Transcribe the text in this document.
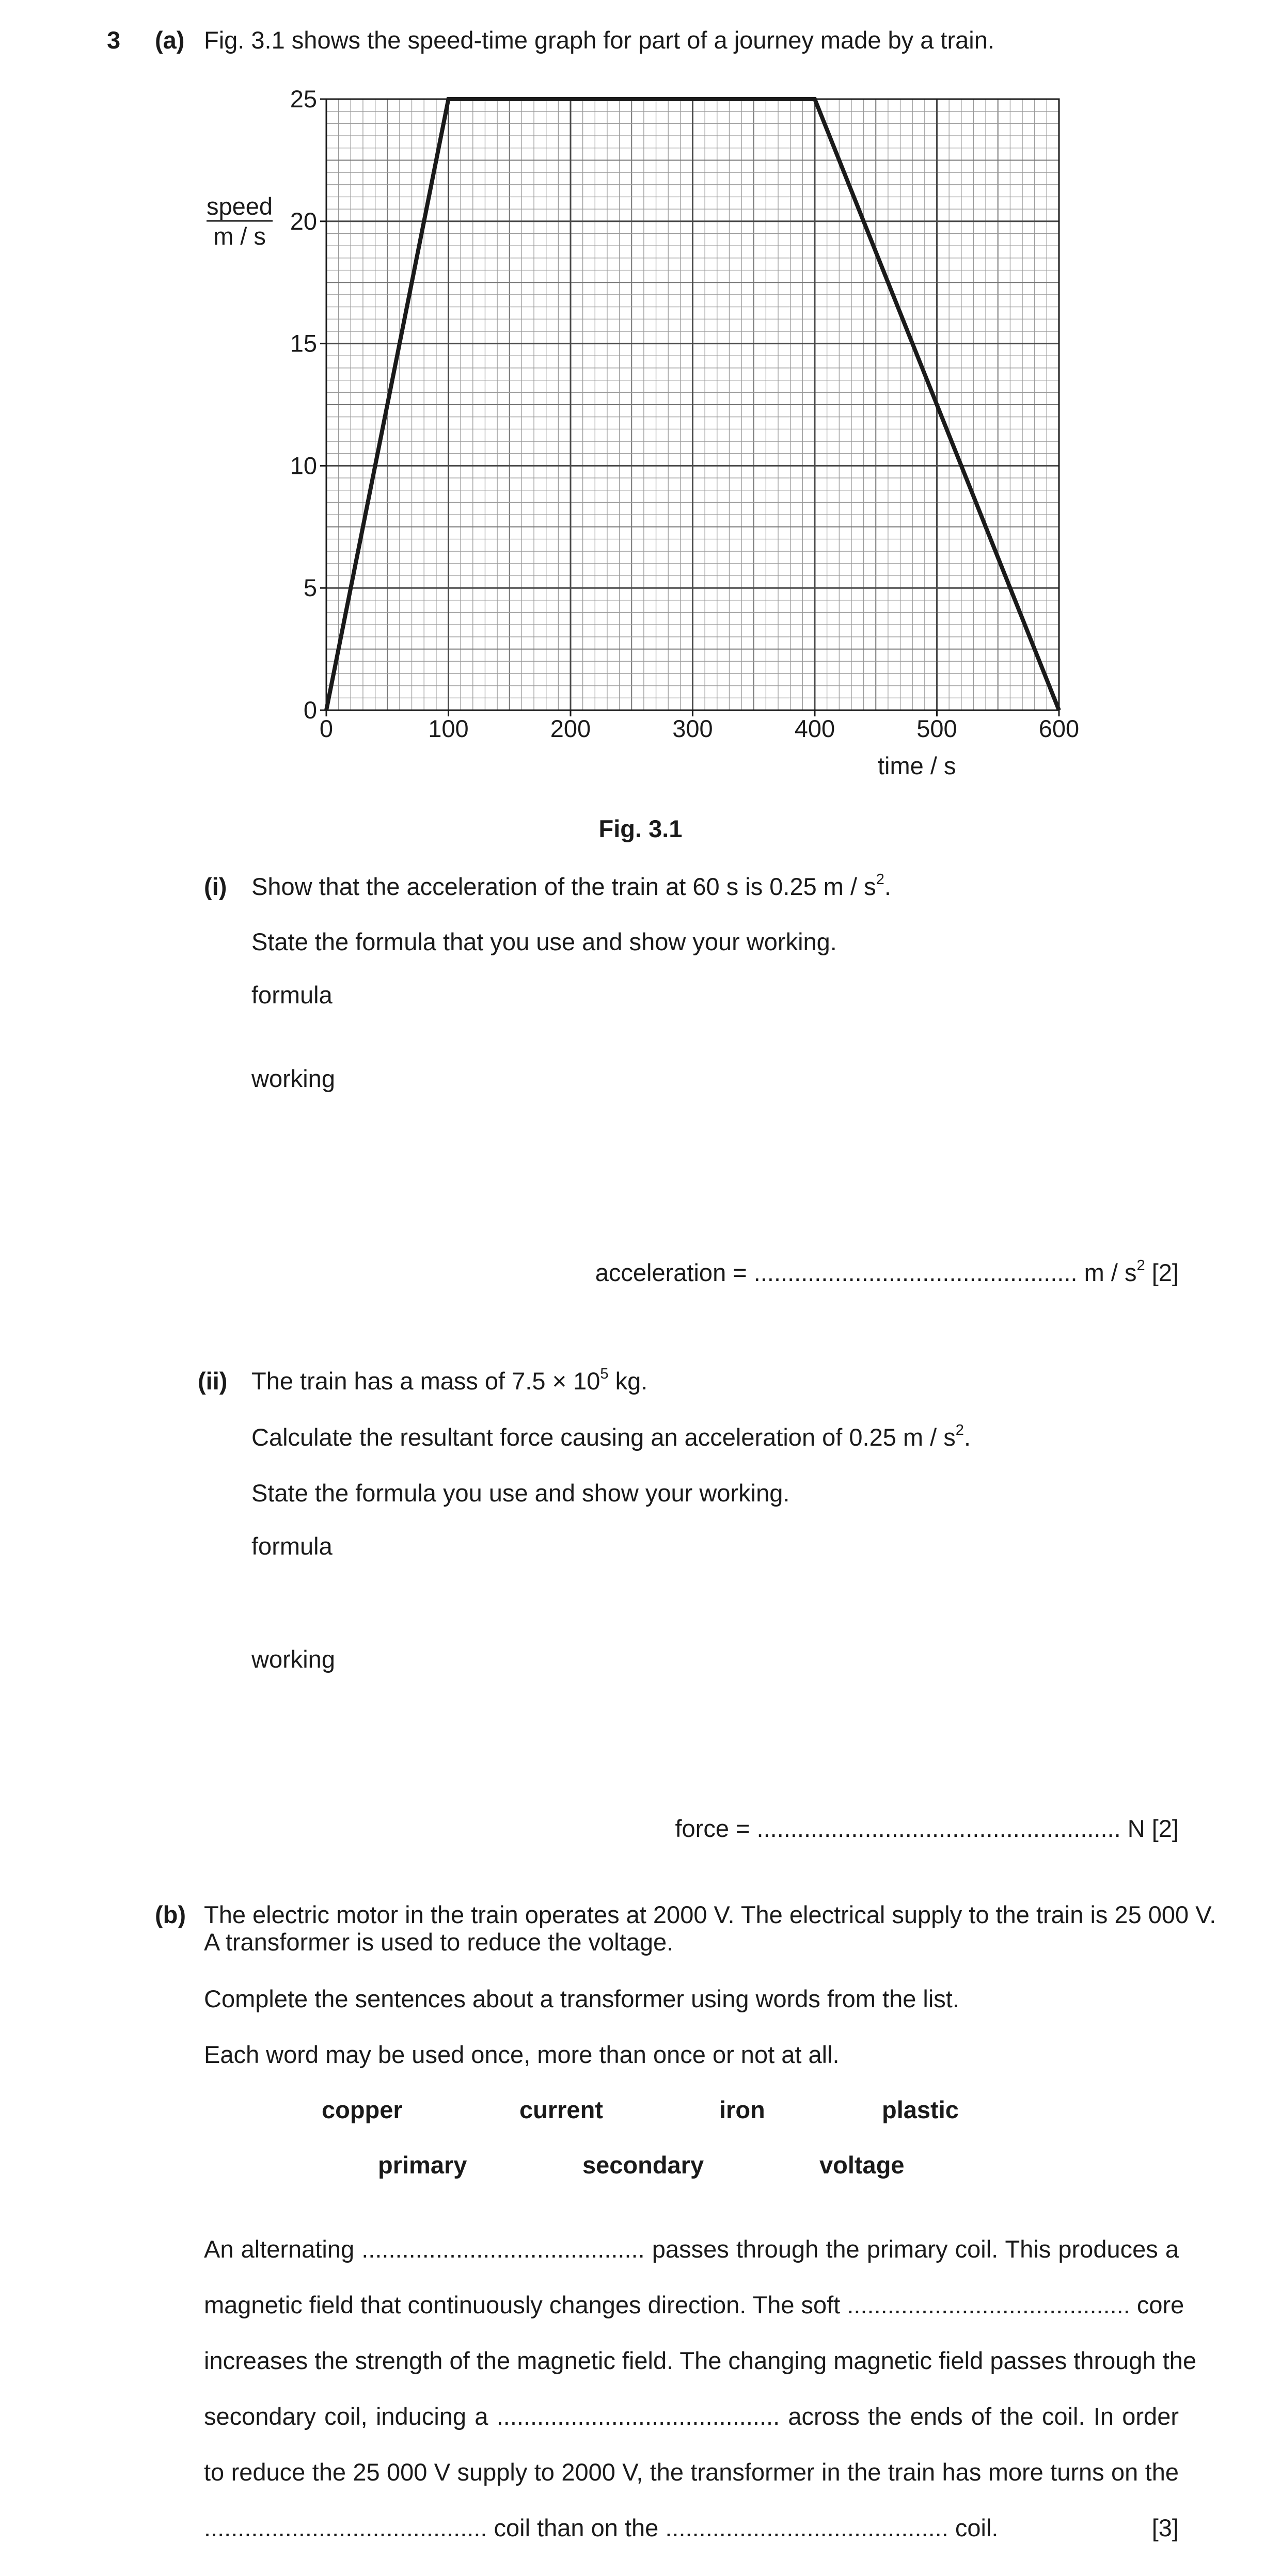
3 (a) Fig. 3.1 shows the speed-time graph for part of a journey made by a train.
0	100	200	300	400	500	600
0
5
10
15
20
25
time / s
speed
m / s
Fig. 3.1
(i) Show that the acceleration of the train at 60 s is 0.25 m / $s^2$.
State the formula that you use and show your working.
formula
working
acceleration = ................................................ m / $s^2$ [2]
(ii) The train has a mass of $7.5 \times 10^5$ kg.
Calculate the resultant force causing an acceleration of 0.25 m / $s^2$.
State the formula you use and show your working.
formula
working
force = ...................................................... N [2]
(b) The electric motor in the train operates at 2000 V. The electrical supply to the train is 25 000 V.
A transformer is used to reduce the voltage.
Complete the sentences about a transformer using words from the list.
Each word may be used once, more than once or not at all.
copper	current	iron	plastic
primary	secondary	voltage
An alternating .......................................... passes through the primary coil. This produces a
magnetic field that continuously changes direction. The soft .......................................... core
increases the strength of the magnetic field. The changing magnetic field passes through the
secondary coil, inducing a .......................................... across the ends of the coil. In order
to reduce the 25 000 V supply to 2000 V, the transformer in the train has more turns on the
.......................................... coil than on the .......................................... coil.	[3]
